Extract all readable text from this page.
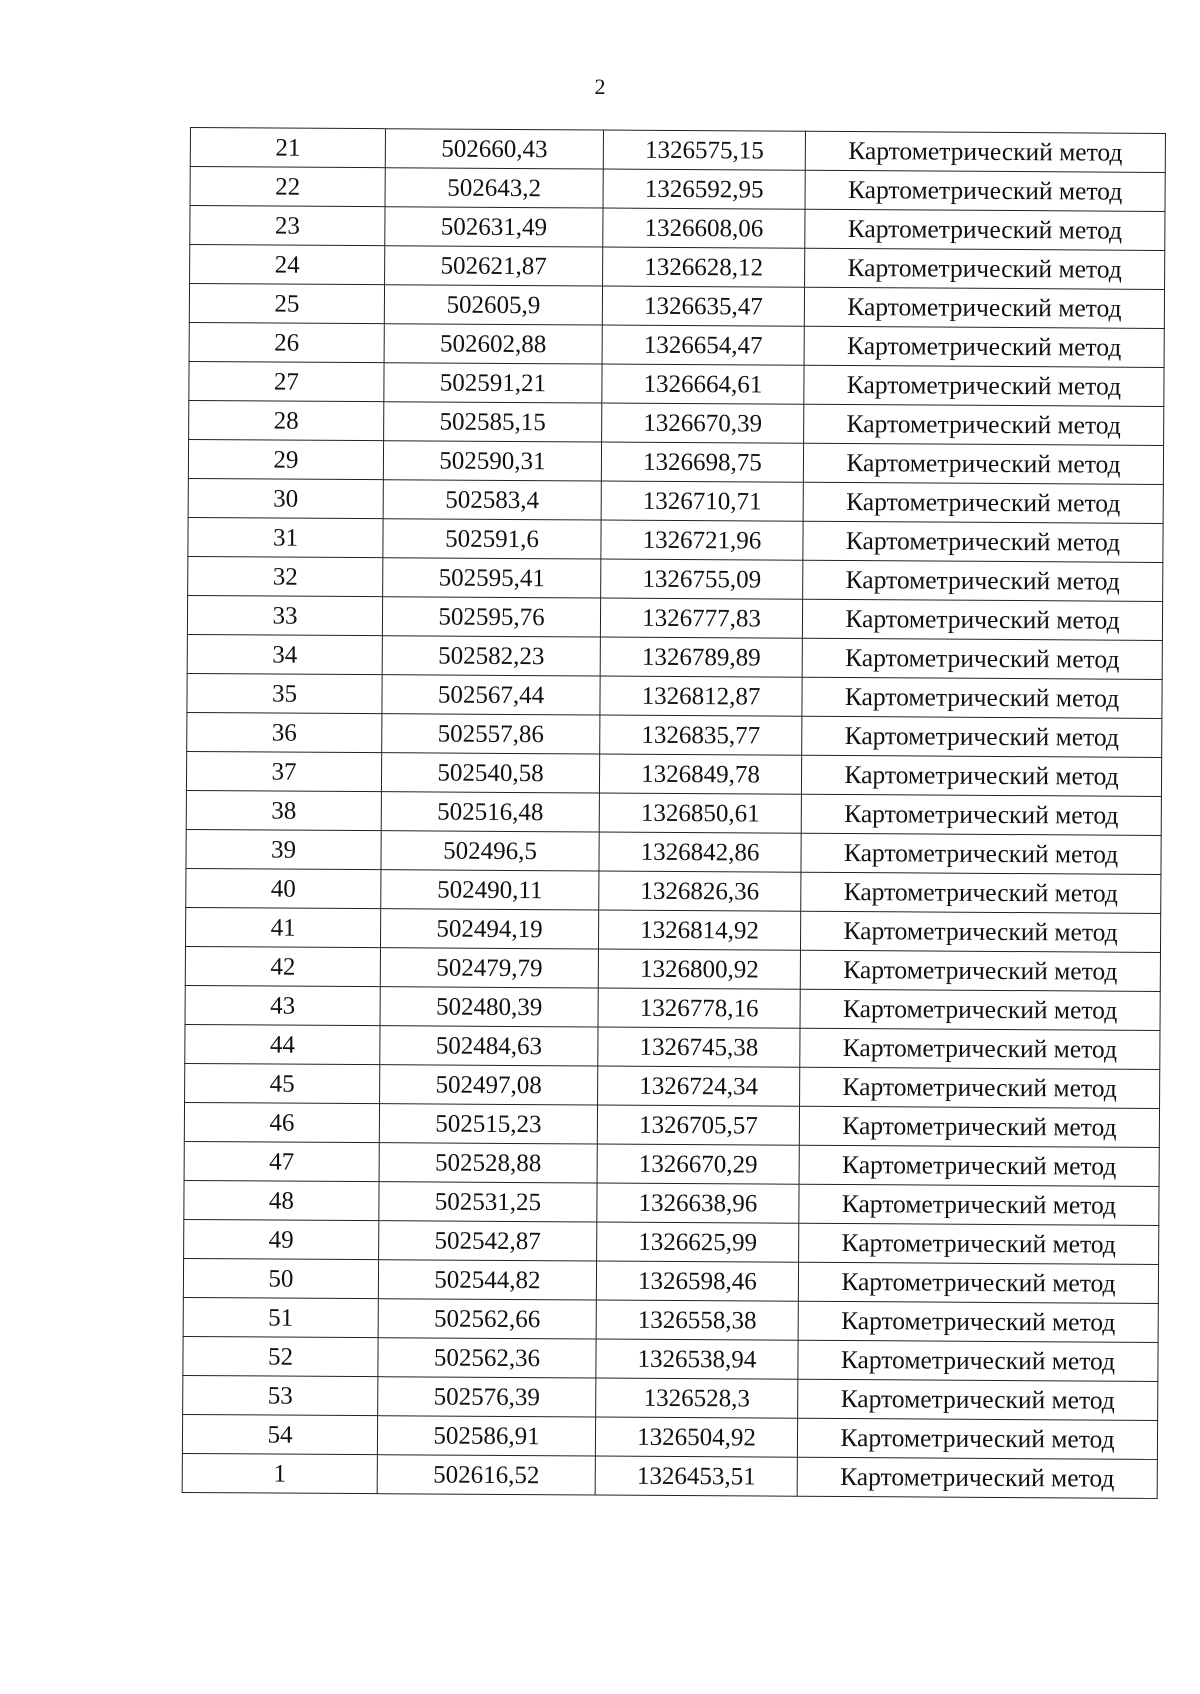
2
21	502660,43	1326575,15	Картометрический метод
22	502643,2	1326592,95	Картометрический метод
23	502631,49	1326608,06	Картометрический метод
24	502621,87	1326628,12	Картометрический метод
25	502605,9	1326635,47	Картометрический метод
26	502602,88	1326654,47	Картометрический метод
27	502591,21	1326664,61	Картометрический метод
28	502585,15	1326670,39	Картометрический метод
29	502590,31	1326698,75	Картометрический метод
30	502583,4	1326710,71	Картометрический метод
31	502591,6	1326721,96	Картометрический метод
32	502595,41	1326755,09	Картометрический метод
33	502595,76	1326777,83	Картометрический метод
34	502582,23	1326789,89	Картометрический метод
35	502567,44	1326812,87	Картометрический метод
36	502557,86	1326835,77	Картометрический метод
37	502540,58	1326849,78	Картометрический метод
38	502516,48	1326850,61	Картометрический метод
39	502496,5	1326842,86	Картометрический метод
40	502490,11	1326826,36	Картометрический метод
41	502494,19	1326814,92	Картометрический метод
42	502479,79	1326800,92	Картометрический метод
43	502480,39	1326778,16	Картометрический метод
44	502484,63	1326745,38	Картометрический метод
45	502497,08	1326724,34	Картометрический метод
46	502515,23	1326705,57	Картометрический метод
47	502528,88	1326670,29	Картометрический метод
48	502531,25	1326638,96	Картометрический метод
49	502542,87	1326625,99	Картометрический метод
50	502544,82	1326598,46	Картометрический метод
51	502562,66	1326558,38	Картометрический метод
52	502562,36	1326538,94	Картометрический метод
53	502576,39	1326528,3	Картометрический метод
54	502586,91	1326504,92	Картометрический метод
1	502616,52	1326453,51	Картометрический метод
